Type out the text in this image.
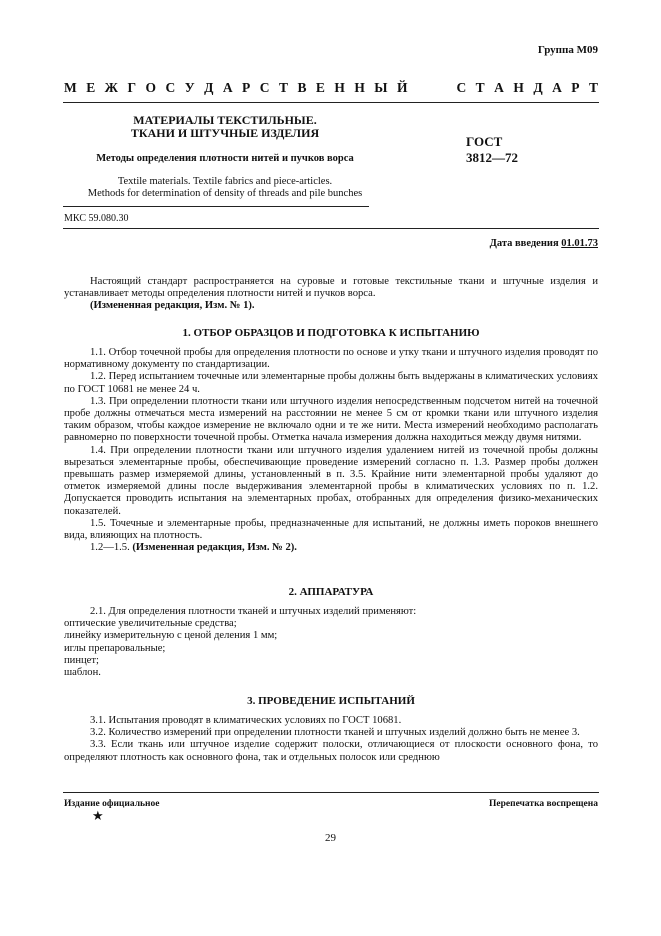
Группа М09
М Е Ж Г О С У Д А Р С Т В Е Н Н Ы Й	С Т А Н Д А Р Т
МАТЕРИАЛЫ ТЕКСТИЛЬНЫЕ.
ТКАНИ И ШТУЧНЫЕ ИЗДЕЛИЯ
ГОСТ
3812—72
Методы определения плотности нитей и пучков ворса
Textile materials. Textile fabrics and piece-articles.
Methods for determination of density of threads and pile bunches
МКС 59.080.30
Дата введения 01.01.73

Настоящий стандарт распространяется на суровые и готовые текстильные ткани и штучные изделия и устанавливает методы определения плотности нитей и пучков ворса.

(Измененная редакция, Изм. № 1).

1. ОТБОР ОБРАЗЦОВ И ПОДГОТОВКА К ИСПЫТАНИЮ

1.1. Отбор точечной пробы для определения плотности по основе и утку ткани и штучного изделия проводят по нормативному документу по стандартизации.

1.2. Перед испытанием точечные или элементарные пробы должны быть выдержаны в климатических условиях по ГОСТ 10681 не менее 24 ч.

1.3. При определении плотности ткани или штучного изделия непосредственным подсчетом нитей на точечной пробе должны отмечаться места измерений на расстоянии не менее 5 см от кромки ткани или штучного изделия таким образом, чтобы каждое измерение не включало одни и те же нити. Места измерений необходимо располагать равномерно по поверхности точечной пробы. Отметка начала измерения должна находиться между двумя нитями.

1.4. При определении плотности ткани или штучного изделия удалением нитей из точечной пробы должны вырезаться элементарные пробы, обеспечивающие проведение измерений согласно п. 1.3. Размер пробы должен превышать размер измеряемой длины, установленный в п. 3.5. Крайние нити элементарной пробы удаляют до отметок измеряемой длины после выдерживания элементарной пробы в климатических условиях по п. 1.2. Допускается проводить испытания на элементарных пробах, отобранных для определения физико-механических показателей.

1.5. Точечные и элементарные пробы, предназначенные для испытаний, не должны иметь пороков внешнего вида, влияющих на плотность.

1.2—1.5. (Измененная редакция, Изм. № 2).

2. АППАРАТУРА

2.1. Для определения плотности тканей и штучных изделий применяют:

оптические увеличительные средства;

линейку измерительную с ценой деления 1 мм;

иглы препаровальные;

пинцет;

шаблон.

3. ПРОВЕДЕНИЕ ИСПЫТАНИЙ

3.1. Испытания проводят в климатических условиях по ГОСТ 10681.

3.2. Количество измерений при определении плотности тканей и штучных изделий должно быть не менее 3.

3.3. Если ткань или штучное изделие содержит полоски, отличающиеся от плоскости основного фона, то определяют плотность как основного фона, так и отдельных полосок или среднюю

Издание официальное	Перепечатка воспрещена
★
29
